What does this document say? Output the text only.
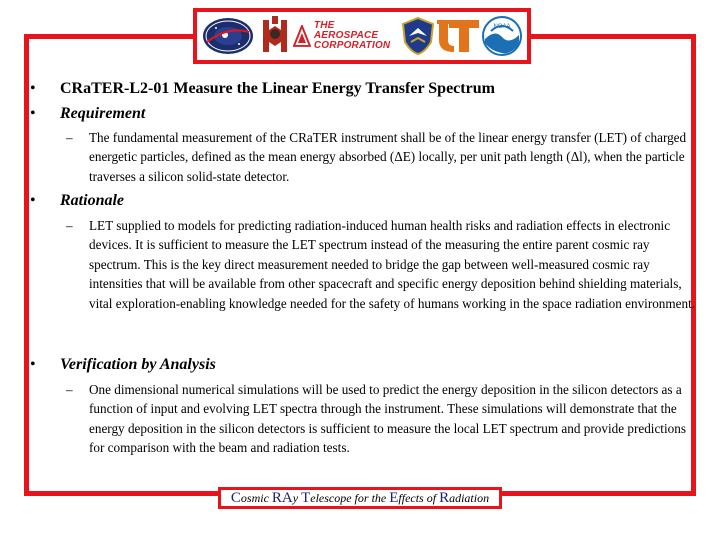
THE AEROSPACE
CORPORATION
NOAA
•	CRaTER-L2-01 Measure the Linear Energy Transfer Spectrum
•	Requirement
–	The fundamental measurement of the CRaTER instrument shall be of the linear energy transfer (LET) of charged energetic particles, defined as the mean energy absorbed (ΔE) locally, per unit path length (Δl), when the particle traverses a silicon solid-state detector.
•	Rationale
–	LET supplied to models for predicting radiation-induced human health risks and radiation effects in electronic devices. It is sufficient to measure the LET spectrum instead of the measuring the entire parent cosmic ray spectrum. This is the key direct measurement needed to bridge the gap between well-measured cosmic ray intensities that will be available from other spacecraft and specific energy deposition behind shielding materials, vital exploration-enabling knowledge needed for the safety of humans working in the space radiation environment.
•	Verification by Analysis
–	One dimensional numerical simulations will be used to predict the energy deposition in the silicon detectors as a function of input and evolving LET spectra through the instrument. These simulations will demonstrate that the energy deposition in the silicon detectors is sufficient to measure the local LET spectrum and provide predictions for comparison with the beam and radiation tests.
C osmic RA y T elescope for the E ffects of R adiation
